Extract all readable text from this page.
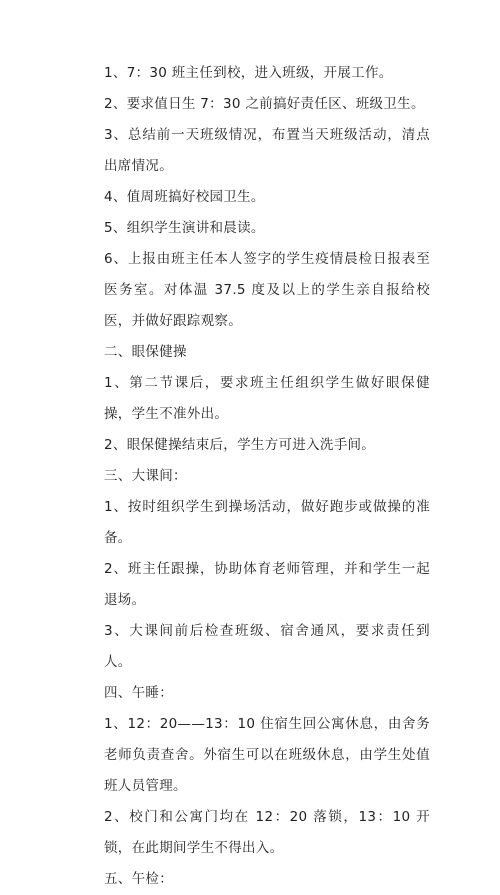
1、7：30 班主任到校，进入班级，开展工作。

2、要求值日生 7：30 之前搞好责任区、班级卫生。

3、总结前一天班级情况，布置当天班级活动，清点出席情况。

4、值周班搞好校园卫生。

5、组织学生演讲和晨读。

6、上报由班主任本人签字的学生疫情晨检日报表至医务室。对体温 37.5 度及以上的学生亲自报给校医，并做好跟踪观察。

二、眼保健操

1、第二节课后，要求班主任组织学生做好眼保健操，学生不准外出。

2、眼保健操结束后，学生方可进入洗手间。

三、大课间：

1、按时组织学生到操场活动，做好跑步或做操的准备。

2、班主任跟操，协助体育老师管理，并和学生一起退场。

3、大课间前后检查班级、宿舍通风，要求责任到人。

四、午睡：

1、12：20——13：10 住宿生回公寓休息，由舍务老师负责查舍。外宿生可以在班级休息，由学生处值班人员管理。

2、校门和公寓门均在 12：20 落锁，13：10 开锁，在此期间学生不得出入。

五、午检：
